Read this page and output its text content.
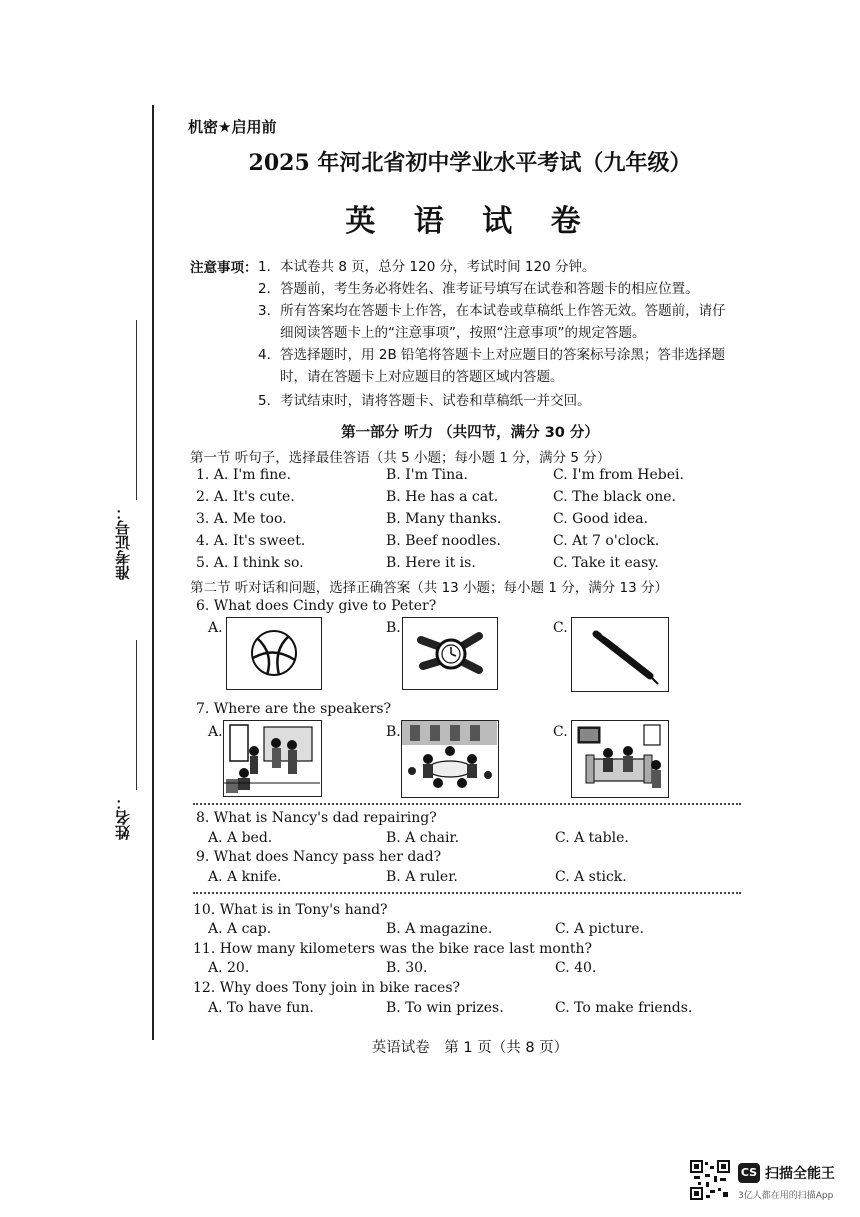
准考证号：
姓名：
机密★启用前
2025 年河北省初中学业水平考试（九年级）
英 语 试 卷
注意事项： 1．本试卷共 8 页，总分 120 分，考试时间 120 分钟。
2．答题前，考生务必将姓名、准考证号填写在试卷和答题卡的相应位置。
3．所有答案均在答题卡上作答，在本试卷或草稿纸上作答无效。答题前，请仔
细阅读答题卡上的“注意事项”，按照“注意事项”的规定答题。
4．答选择题时，用 2B 铅笔将答题卡上对应题目的答案标号涂黑；答非选择题
时，请在答题卡上对应题目的答题区域内答题。
5．考试结束时，请将答题卡、试卷和草稿纸一并交回。
第一部分 听力 （共四节，满分 30 分）
第一节 听句子，选择最佳答语（共 5 小题；每小题 1 分，满分 5 分）
1. A. I'm fine.	B. I'm Tina.	C. I'm from Hebei.
2. A. It's cute.	B. He has a cat.	C. The black one.
3. A. Me too.	B. Many thanks.	C. Good idea.
4. A. It's sweet.	B. Beef noodles.	C. At 7 o'clock.
5. A. I think so.	B. Here it is.	C. Take it easy.
第二节 听对话和问题，选择正确答案（共 13 小题；每小题 1 分，满分 13 分）
6. What does Cindy give to Peter?
A.	B.	C.
7. Where are the speakers?
A.	B.	C.
8. What is Nancy's dad repairing?
A. A bed.	B. A chair.	C. A table.
9. What does Nancy pass her dad?
A. A knife.	B. A ruler.	C. A stick.
10. What is in Tony's hand?
A. A cap.	B. A magazine.	C. A picture.
11. How many kilometers was the bike race last month?
A. 20.	B. 30.	C. 40.
12. Why does Tony join in bike races?
A. To have fun.	B. To win prizes.	C. To make friends.
英语试卷　第 1 页（共 8 页）
CS 扫描全能王
3亿人都在用的扫描App
